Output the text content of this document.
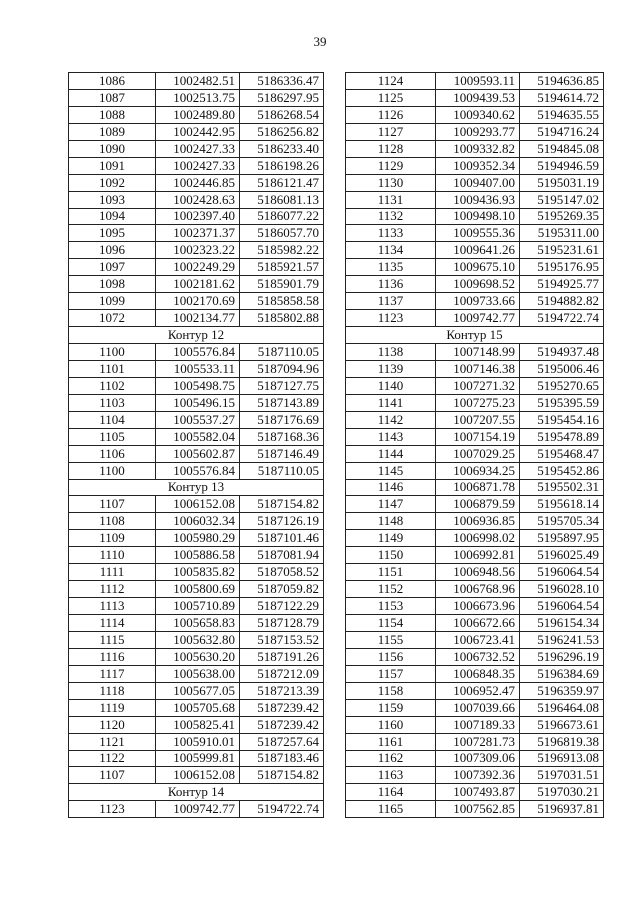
39
1086	1002482.51	5186336.47
1087	1002513.75	5186297.95
1088	1002489.80	5186268.54
1089	1002442.95	5186256.82
1090	1002427.33	5186233.40
1091	1002427.33	5186198.26
1092	1002446.85	5186121.47
1093	1002428.63	5186081.13
1094	1002397.40	5186077.22
1095	1002371.37	5186057.70
1096	1002323.22	5185982.22
1097	1002249.29	5185921.57
1098	1002181.62	5185901.79
1099	1002170.69	5185858.58
1072	1002134.77	5185802.88
Контур 12		
1100	1005576.84	5187110.05
1101	1005533.11	5187094.96
1102	1005498.75	5187127.75
1103	1005496.15	5187143.89
1104	1005537.27	5187176.69
1105	1005582.04	5187168.36
1106	1005602.87	5187146.49
1100	1005576.84	5187110.05
Контур 13		
1107	1006152.08	5187154.82
1108	1006032.34	5187126.19
1109	1005980.29	5187101.46
1110	1005886.58	5187081.94
1111	1005835.82	5187058.52
1112	1005800.69	5187059.82
1113	1005710.89	5187122.29
1114	1005658.83	5187128.79
1115	1005632.80	5187153.52
1116	1005630.20	5187191.26
1117	1005638.00	5187212.09
1118	1005677.05	5187213.39
1119	1005705.68	5187239.42
1120	1005825.41	5187239.42
1121	1005910.01	5187257.64
1122	1005999.81	5187183.46
1107	1006152.08	5187154.82
Контур 14		
1123	1009742.77	5194722.74
1124	1009593.11	5194636.85
1125	1009439.53	5194614.72
1126	1009340.62	5194635.55
1127	1009293.77	5194716.24
1128	1009332.82	5194845.08
1129	1009352.34	5194946.59
1130	1009407.00	5195031.19
1131	1009436.93	5195147.02
1132	1009498.10	5195269.35
1133	1009555.36	5195311.00
1134	1009641.26	5195231.61
1135	1009675.10	5195176.95
1136	1009698.52	5194925.77
1137	1009733.66	5194882.82
1123	1009742.77	5194722.74
Контур 15		
1138	1007148.99	5194937.48
1139	1007146.38	5195006.46
1140	1007271.32	5195270.65
1141	1007275.23	5195395.59
1142	1007207.55	5195454.16
1143	1007154.19	5195478.89
1144	1007029.25	5195468.47
1145	1006934.25	5195452.86
1146	1006871.78	5195502.31
1147	1006879.59	5195618.14
1148	1006936.85	5195705.34
1149	1006998.02	5195897.95
1150	1006992.81	5196025.49
1151	1006948.56	5196064.54
1152	1006768.96	5196028.10
1153	1006673.96	5196064.54
1154	1006672.66	5196154.34
1155	1006723.41	5196241.53
1156	1006732.52	5196296.19
1157	1006848.35	5196384.69
1158	1006952.47	5196359.97
1159	1007039.66	5196464.08
1160	1007189.33	5196673.61
1161	1007281.73	5196819.38
1162	1007309.06	5196913.08
1163	1007392.36	5197031.51
1164	1007493.87	5197030.21
1165	1007562.85	5196937.81
